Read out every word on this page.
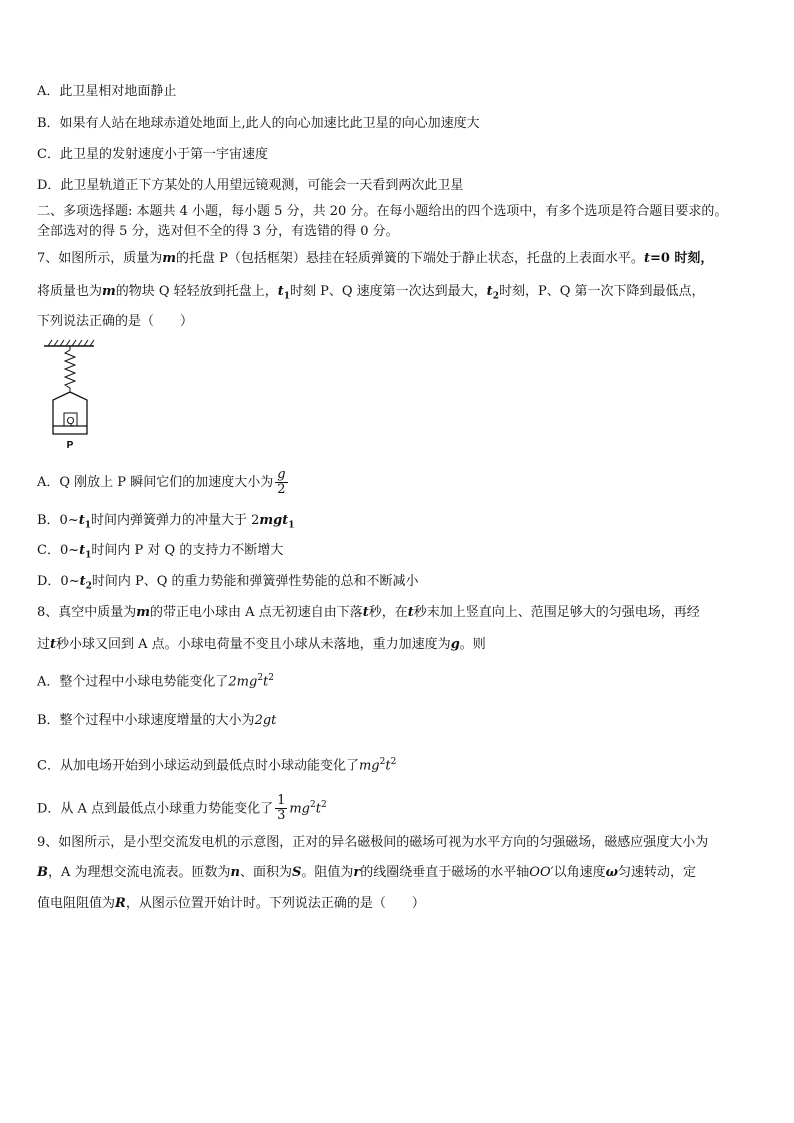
A．此卫星相对地面静止
B．如果有人站在地球赤道处地面上,此人的向心加速比此卫星的向心加速度大
C．此卫星的发射速度小于第一宇宙速度
D．此卫星轨道正下方某处的人用望远镜观测，可能会一天看到两次此卫星
二、多项选择题: 本题共 4 小题，每小题 5 分，共 20 分。在每小题给出的四个选项中，有多个选项是符合题目要求的。
全部选对的得 5 分，选对但不全的得 3 分，有选错的得 0 分。
7、如图所示，质量为m的托盘 P（包括框架）悬挂在轻质弹簧的下端处于静止状态，托盘的上表面水平。t=0 时刻，
将质量也为m的物块 Q 轻轻放到托盘上，$t_1$时刻 P、Q 速度第一次达到最大，$t_2$时刻，P、Q 第一次下降到最低点，
下列说法正确的是（　　）
Q
P
A．Q 刚放上 P 瞬间它们的加速度大小为 $\frac{g}{2}$
B．$0\sim t_1$时间内弹簧弹力的冲量大于 2mgt$_1$
C．$0\sim t_1$时间内 P 对 Q 的支持力不断增大
D．$0\sim t_2$时间内 P、Q 的重力势能和弹簧弹性势能的总和不断减小
8、真空中质量为m的带正电小球由 A 点无初速自由下落t秒，在t秒末加上竖直向上、范围足够大的匀强电场，再经
过t秒小球又回到 A 点。小球电荷量不变且小球从未落地，重力加速度为g。则
A．整个过程中小球电势能变化了$2mg^2t^2$
B．整个过程中小球速度增量的大小为2gt
C．从加电场开始到小球运动到最低点时小球动能变化了$mg^2t^2$
D．从 A 点到最低点小球重力势能变化了 $\frac{1}{3} mg^2t^2$
9、如图所示，是小型交流发电机的示意图，正对的异名磁极间的磁场可视为水平方向的匀强磁场，磁感应强度大小为
B，A 为理想交流电流表。匝数为n、面积为S。阻值为r的线圈绕垂直于磁场的水平轴OO′以角速度ω匀速转动，定
值电阻阻值为R，从图示位置开始计时。下列说法正确的是（　　）
